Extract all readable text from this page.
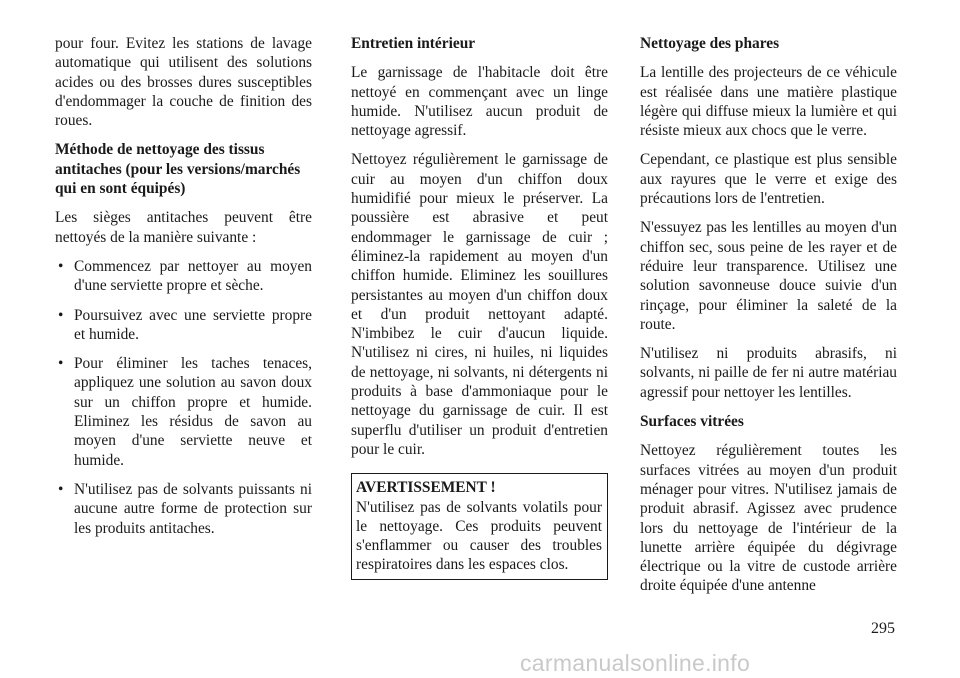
pour four. Evitez les stations de lavage automatique qui utilisent des solutions acides ou des brosses dures susceptibles d'endommager la couche de finition des roues.

Méthode de nettoyage des tissus antitaches (pour les versions/marchés qui en sont équipés)

Les sièges antitaches peuvent être nettoyés de la manière suivante :

• Commencez par nettoyer au moyen d'une serviette propre et sèche.
• Poursuivez avec une serviette propre et humide.
• Pour éliminer les taches tenaces, appliquez une solution au savon doux sur un chiffon propre et humide. Eliminez les résidus de savon au moyen d'une serviette neuve et humide.
• N'utilisez pas de solvants puissants ni aucune autre forme de protection sur les produits antitaches.

Entretien intérieur

Le garnissage de l'habitacle doit être nettoyé en commençant avec un linge humide. N'utilisez aucun produit de nettoyage agressif.

Nettoyez régulièrement le garnissage de cuir au moyen d'un chiffon doux humidifié pour mieux le préserver. La poussière est abrasive et peut endommager le garnissage de cuir ; éliminez-la rapidement au moyen d'un chiffon humide. Eliminez les souillures persistantes au moyen d'un chiffon doux et d'un produit nettoyant adapté. N'imbibez le cuir d'aucun liquide. N'utilisez ni cires, ni huiles, ni liquides de nettoyage, ni solvants, ni détergents ni produits à base d'ammoniaque pour le nettoyage du garnissage de cuir. Il est superflu d'utiliser un produit d'entretien pour le cuir.

AVERTISSEMENT !
N'utilisez pas de solvants volatils pour le nettoyage. Ces produits peuvent s'enflammer ou causer des troubles respiratoires dans les espaces clos.

Nettoyage des phares

La lentille des projecteurs de ce véhicule est réalisée dans une matière plastique légère qui diffuse mieux la lumière et qui résiste mieux aux chocs que le verre.

Cependant, ce plastique est plus sensible aux rayures que le verre et exige des précautions lors de l'entretien.

N'essuyez pas les lentilles au moyen d'un chiffon sec, sous peine de les rayer et de réduire leur transparence. Utilisez une solution savonneuse douce suivie d'un rinçage, pour éliminer la saleté de la route.

N'utilisez ni produits abrasifs, ni solvants, ni paille de fer ni autre matériau agressif pour nettoyer les lentilles.

Surfaces vitrées

Nettoyez régulièrement toutes les surfaces vitrées au moyen d'un produit ménager pour vitres. N'utilisez jamais de produit abrasif. Agissez avec prudence lors du nettoyage de l'intérieur de la lunette arrière équipée du dégivrage électrique ou la vitre de custode arrière droite équipée d'une antenne

295
carmanualsonline.info
